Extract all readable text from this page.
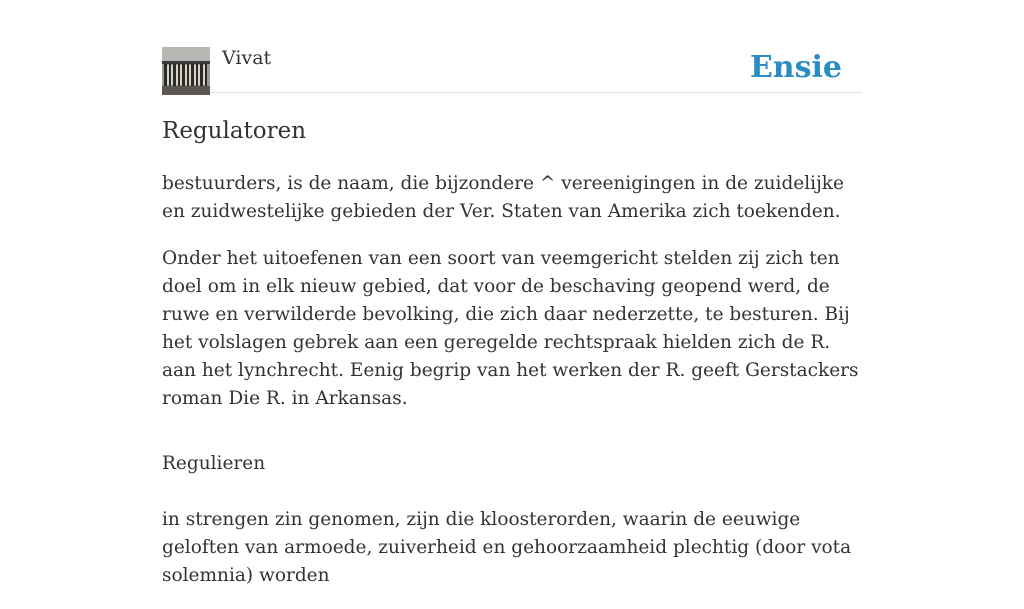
Vivat	Ensie
Regulatoren

bestuurders, is de naam, die bijzondere ^ vereenigingen in de zuidelijke en zuidwestelijke gebieden der Ver. Staten van Amerika zich toekenden.

Onder het uitoefenen van een soort van veemgericht stelden zij zich ten doel om in elk nieuw gebied, dat voor de beschaving geopend werd, de ruwe en verwilderde bevolking, die zich daar nederzette, te besturen. Bij het volslagen gebrek aan een geregelde rechtspraak hielden zich de R. aan het lynchrecht. Eenig begrip van het werken der R. geeft Gerstackers roman Die R. in Arkansas.

Regulieren

in strengen zin genomen, zijn die kloosterorden, waarin de eeuwige geloften van armoede, zuiverheid en gehoorzaamheid plechtig (door vota solemnia) worden
